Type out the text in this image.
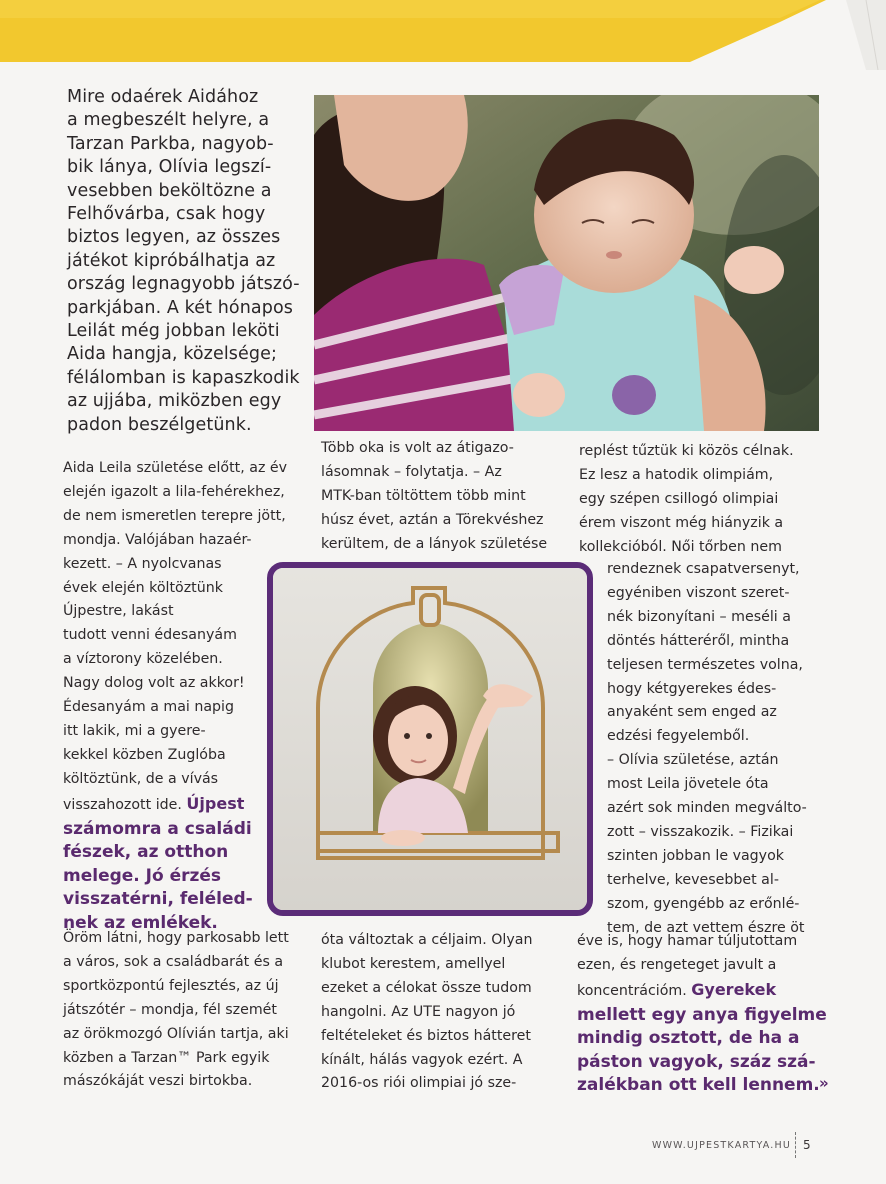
Mire odaérek Aidához
a megbeszélt helyre, a
Tarzan Parkba, nagyob-
bik lánya, Olívia legszí-
vesebben beköltözne a
Felhővárba, csak hogy
biztos legyen, az összes
játékot kipróbálhatja az
ország legnagyobb játszó-
parkjában. A két hónapos
Leilát még jobban leköti
Aida hangja, közelsége;
félálomban is kapaszkodik
az ujjába, miközben egy
padon beszélgetünk.
Aida Leila születése előtt, az év
elején igazolt a lila-fehérekhez,
de nem ismeretlen terepre jött,
mondja. Valójában hazaér-
kezett. – A nyolcvanas
évek elején költöztünk
Újpestre, lakást
tudott venni édesanyám
a víztorony közelében.
Nagy dolog volt az akkor!
Édesanyám a mai napig
itt lakik, mi a gyere-
kekkel közben Zuglóba
költöztünk, de a vívás
visszahozott ide. Újpest
számomra a családi
fészek, az otthon
melege. Jó érzés
visszatérni, feléled-
nek az emlékek.
Öröm látni, hogy parkosabb lett
a város, sok a családbarát és a
sportközpontú fejlesztés, az új
játszótér – mondja, fél szemét
az örökmozgó Olívián tartja, aki
közben a Tarzan™ Park egyik
mászókáját veszi birtokba.
Több oka is volt az átigazo-
lásomnak – folytatja. – Az
MTK-ban töltöttem több mint
húsz évet, aztán a Törekvéshez
kerültem, de a lányok születése
óta változtak a céljaim. Olyan
klubot kerestem, amellyel
ezeket a célokat össze tudom
hangolni. Az UTE nagyon jó
feltételeket és biztos hátteret
kínált, hálás vagyok ezért. A
2016-os riói olimpiai jó sze-
replést tűztük ki közös célnak.
Ez lesz a hatodik olimpiám,
egy szépen csillogó olimpiai
érem viszont még hiányzik a
kollekcióból. Női tőrben nem
rendeznek csapatversenyt,
egyéniben viszont szeret-
nék bizonyítani – meséli a
döntés hátteréről, mintha
teljesen természetes volna,
hogy kétgyerekes édes-
anyaként sem enged az
edzési fegyelemből.
– Olívia születése, aztán
most Leila jövetele óta
azért sok minden megválto-
zott – visszakozik. – Fizikai
szinten jobban le vagyok
terhelve, kevesebbet al-
szom, gyengébb az erőnlé-
tem, de azt vettem észre öt
éve is, hogy hamar túljutottam
ezen, és rengeteget javult a
koncentrációm. Gyerekek
mellett egy anya figyelme
mindig osztott, de ha a
páston vagyok, száz szá-
zalékban ott kell lennem. »
WWW.UJPESTKARTYA.HU 5
